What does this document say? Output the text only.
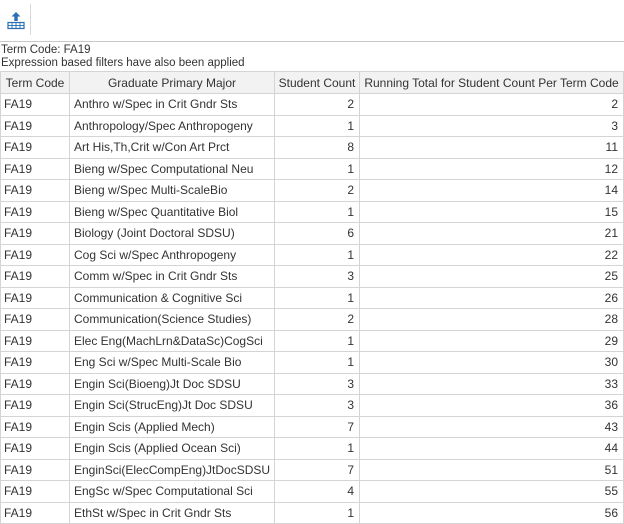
Term Code: FA19
Expression based filters have also been applied
Term Code	Graduate Primary Major	Student Count	Running Total for Student Count Per Term Code
FA19	Anthro w/Spec in Crit Gndr Sts	2	2
FA19	Anthropology/Spec Anthropogeny	1	3
FA19	Art His,Th,Crit w/Con Art Prct	8	11
FA19	Bieng w/Spec Computational Neu	1	12
FA19	Bieng w/Spec Multi-ScaleBio	2	14
FA19	Bieng w/Spec Quantitative Biol	1	15
FA19	Biology (Joint Doctoral SDSU)	6	21
FA19	Cog Sci w/Spec Anthropogeny	1	22
FA19	Comm w/Spec in Crit Gndr Sts	3	25
FA19	Communication & Cognitive Sci	1	26
FA19	Communication(Science Studies)	2	28
FA19	Elec Eng(MachLrn&DataSc)CogSci	1	29
FA19	Eng Sci w/Spec Multi-Scale Bio	1	30
FA19	Engin Sci(Bioeng)Jt Doc SDSU	3	33
FA19	Engin Sci(StrucEng)Jt Doc SDSU	3	36
FA19	Engin Scis (Applied Mech)	7	43
FA19	Engin Scis (Applied Ocean Sci)	1	44
FA19	EnginSci(ElecCompEng)JtDocSDSU	7	51
FA19	EngSc w/Spec Computational Sci	4	55
FA19	EthSt w/Spec in Crit Gndr Sts	1	56
